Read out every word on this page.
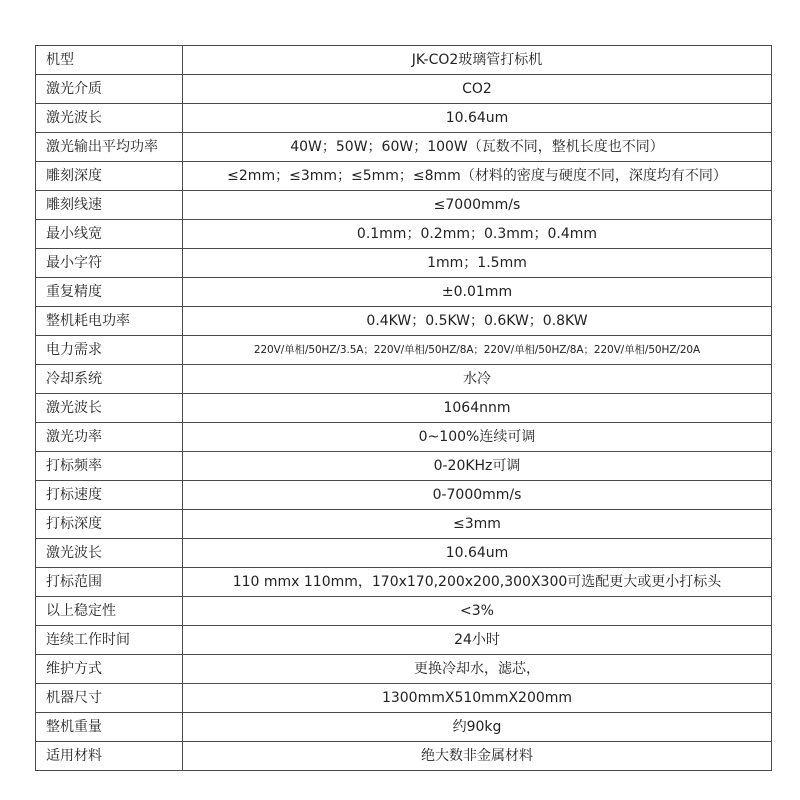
机型	JK-CO2玻璃管打标机
激光介质	CO2
激光波长	10.64um
激光输出平均功率	40W；50W；60W；100W（瓦数不同，整机长度也不同）
雕刻深度	≤2mm；≤3mm；≤5mm；≤8mm（材料的密度与硬度不同，深度均有不同）
雕刻线速	≤7000mm/s
最小线宽	0.1mm；0.2mm；0.3mm；0.4mm
最小字符	1mm；1.5mm
重复精度	±0.01mm
整机耗电功率	0.4KW；0.5KW；0.6KW；0.8KW
电力需求	220V/单相/50HZ/3.5A；220V/单相/50HZ/8A；220V/单相/50HZ/8A；220V/单相/50HZ/20A
冷却系统	水冷
激光波长	1064nnm
激光功率	0~100%连续可调
打标频率	0-20KHz可调
打标速度	0-7000mm/s
打标深度	≤3mm
激光波长	10.64um
打标范围	110 mmx 110mm，170x170,200x200,300X300可选配更大或更小打标头
以上稳定性	<3%
连续工作时间	24小时
维护方式	更换冷却水，滤芯，
机器尺寸	1300mmX510mmX200mm
整机重量	约90kg
适用材料	绝大数非金属材料
